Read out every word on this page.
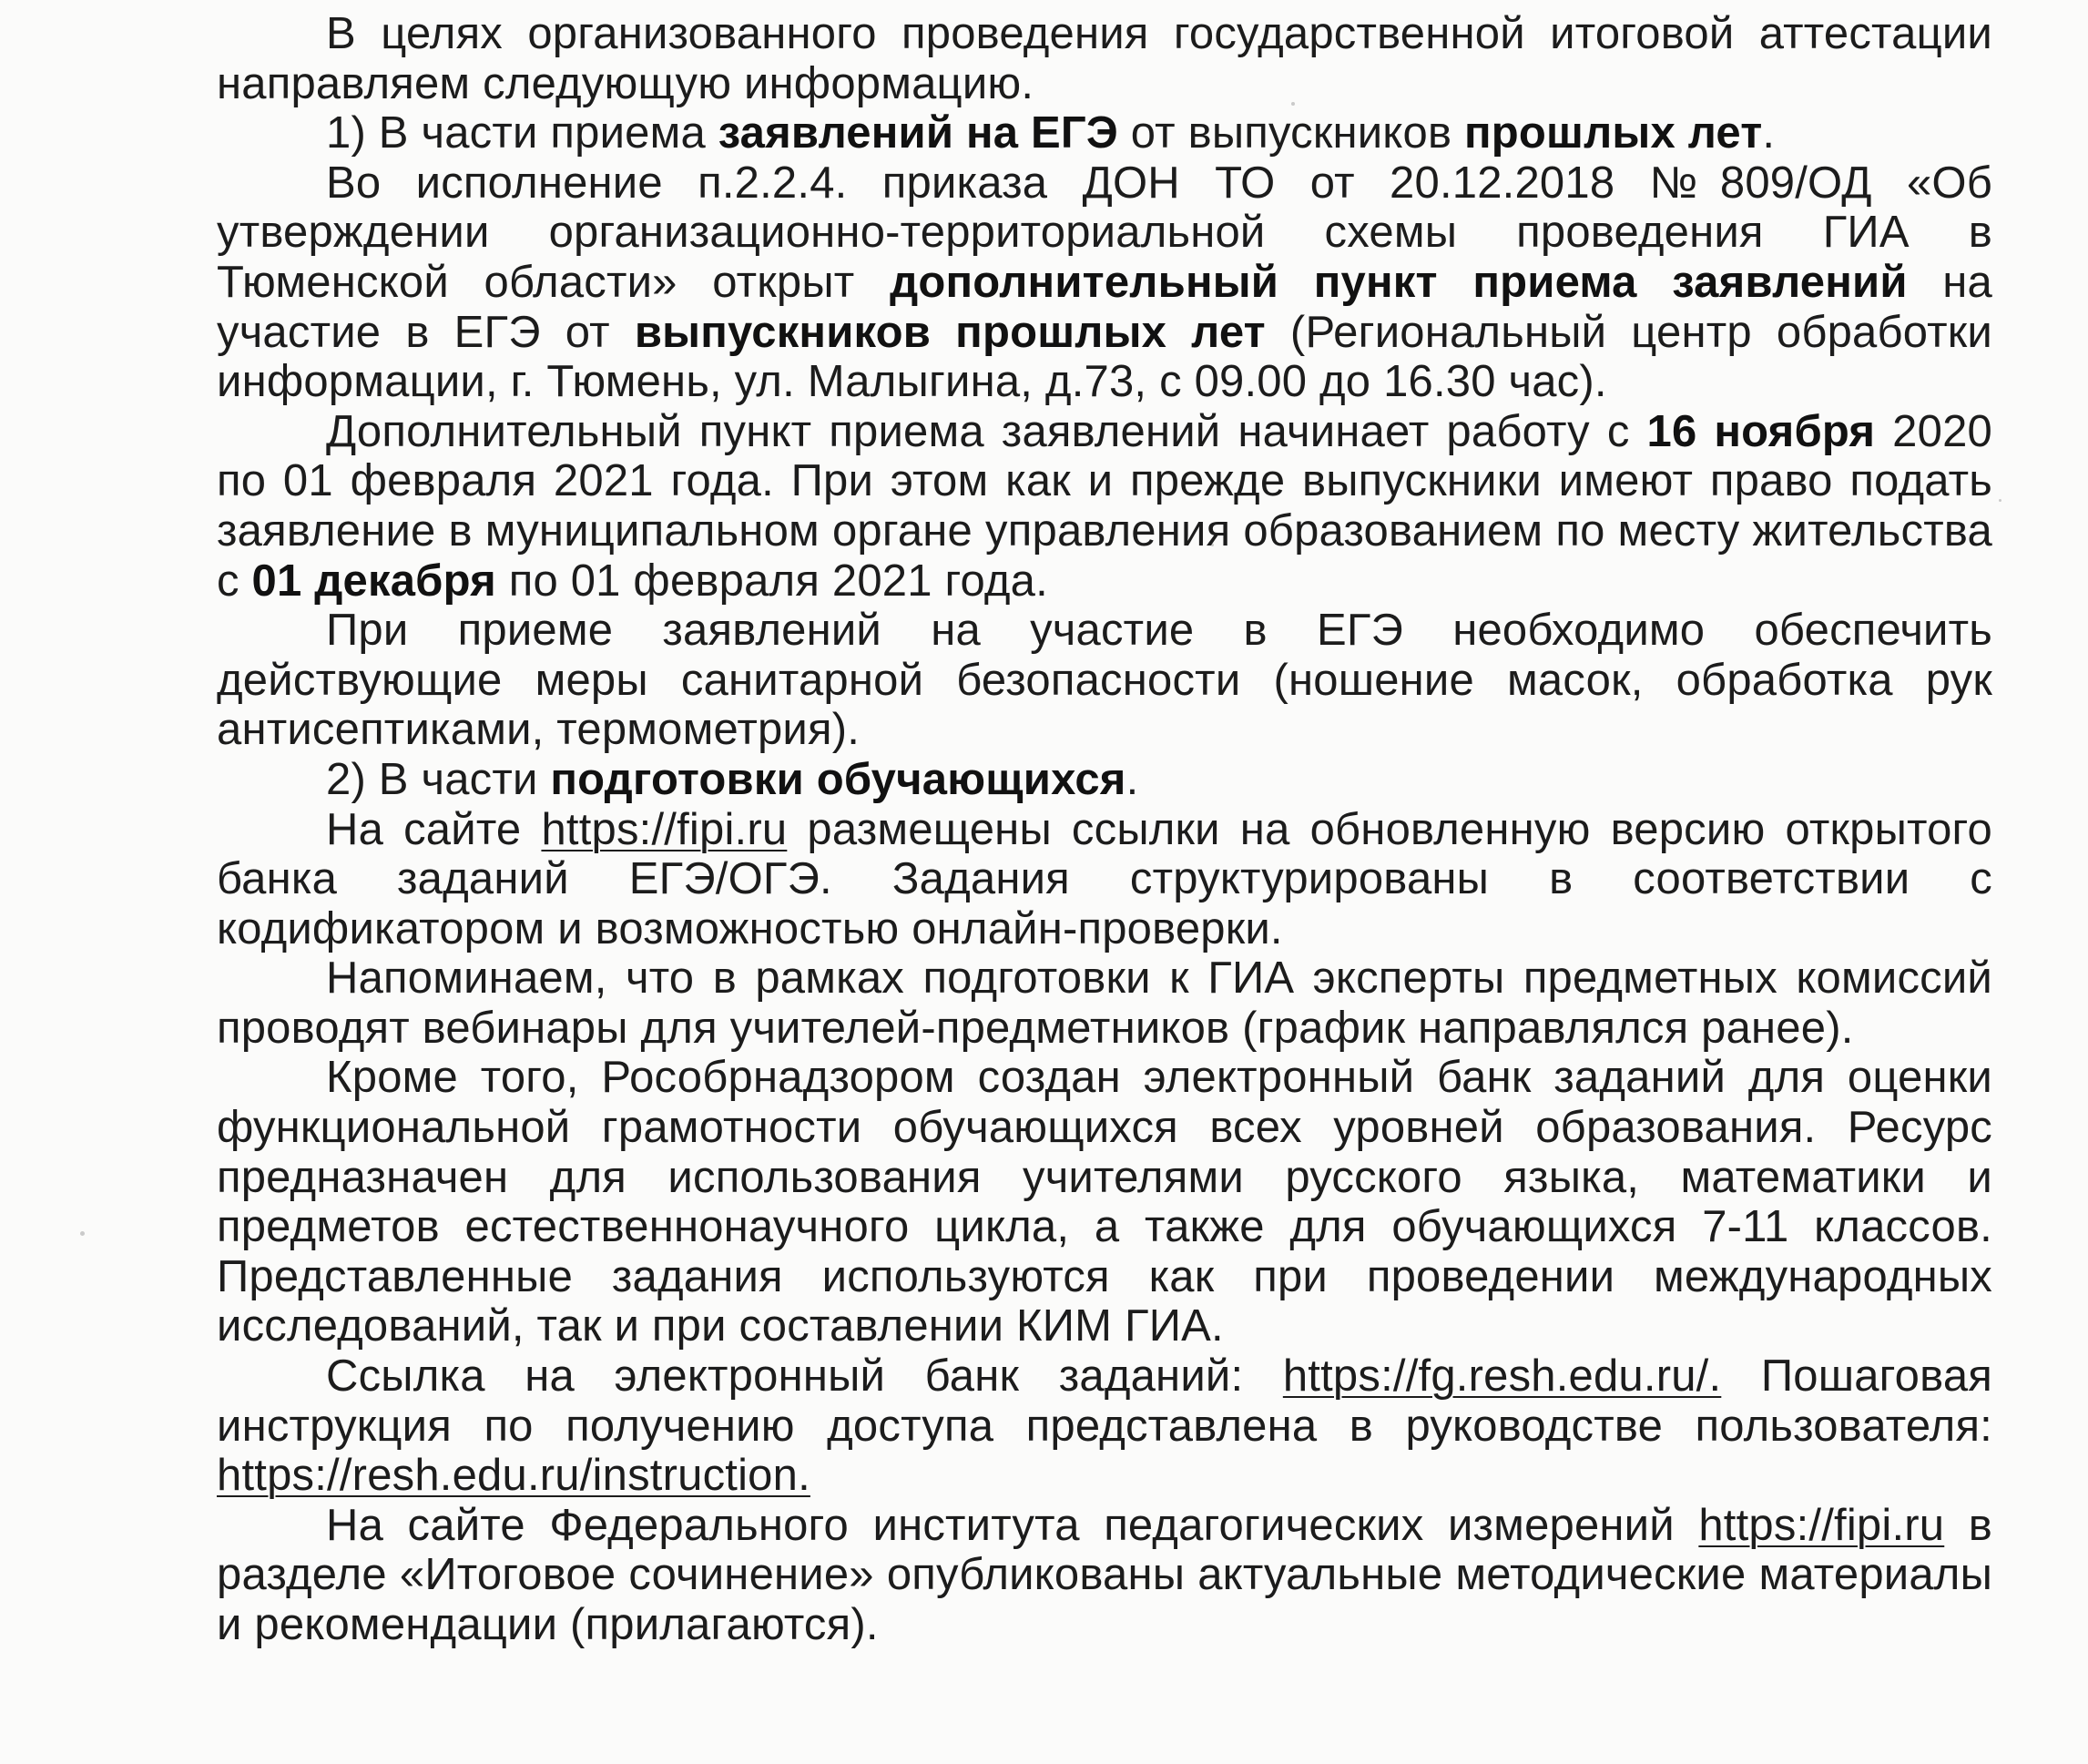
В целях организованного проведения государственной итоговой аттестации направляем следующую информацию.

1) В части приема заявлений на ЕГЭ от выпускников прошлых лет.

Во исполнение п.2.2.4. приказа ДОН ТО от 20.12.2018 №809/ОД «Об утверждении организационно-территориальной схемы проведения ГИА в Тюменской области» открыт дополнительный пункт приема заявлений на участие в ЕГЭ от выпускников прошлых лет (Региональный центр обработки информации, г. Тюмень, ул. Малыгина, д.73, с 09.00 до 16.30 час).

Дополнительный пункт приема заявлений начинает работу с 16 ноября 2020 по 01 февраля 2021 года. При этом как и прежде выпускники имеют право подать заявление в муниципальном органе управления образованием по месту жительства с 01 декабря по 01 февраля 2021 года.

При приеме заявлений на участие в ЕГЭ необходимо обеспечить действующие меры санитарной безопасности (ношение масок, обработка рук антисептиками, термометрия).

2) В части подготовки обучающихся.

На сайте https://fipi.ru размещены ссылки на обновленную версию открытого банка заданий ЕГЭ/ОГЭ. Задания структурированы в соответствии с кодификатором и возможностью онлайн-проверки.

Напоминаем, что в рамках подготовки к ГИА эксперты предметных комиссий проводят вебинары для учителей-предметников (график направлялся ранее).

Кроме того, Рособрнадзором создан электронный банк заданий для оценки функциональной грамотности обучающихся всех уровней образования. Ресурс предназначен для использования учителями русского языка, математики и предметов естественнонаучного цикла, а также для обучающихся 7-11 классов. Представленные задания используются как при проведении международных исследований, так и при составлении КИМ ГИА.

Ссылка на электронный банк заданий: https://fg.resh.edu.ru/. Пошаговая инструкция по получению доступа представлена в руководстве пользователя: https://resh.edu.ru/instruction.

На сайте Федерального института педагогических измерений https://fipi.ru в разделе «Итоговое сочинение» опубликованы актуальные методические материалы и рекомендации (прилагаются).
